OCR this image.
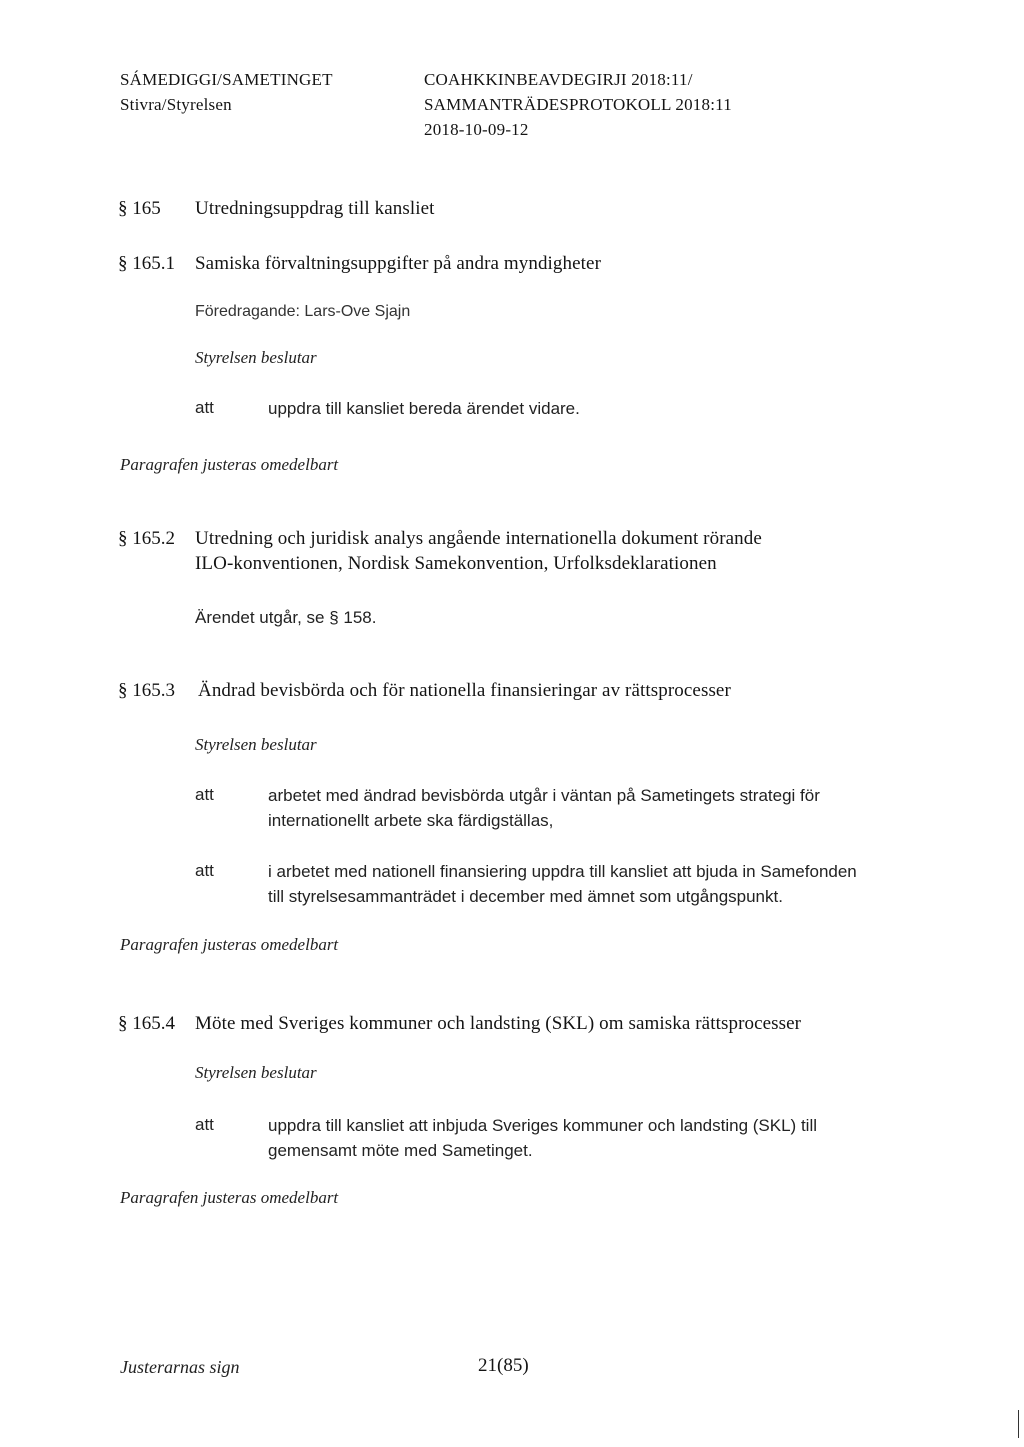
SÁMEDIGGI/SAMETINGET
Stivra/Styrelsen
COAHKKINBEAVDEGIRJI 2018:11/
SAMMANTRÄDESPROTOKOLL 2018:11
2018-10-09-12
§ 165 Utredningsuppdrag till kansliet
§ 165.1 Samiska förvaltningsuppgifter på andra myndigheter
Föredragande: Lars-Ove Sjajn
Styrelsen beslutar
att	uppdra till kansliet bereda ärendet vidare.
Paragrafen justeras omedelbart
§ 165.2 Utredning och juridisk analys angående internationella dokument rörande
ILO-konventionen, Nordisk Samekonvention, Urfolksdeklarationen
Ärendet utgår, se § 158.
§ 165.3 Ändrad bevisbörda och för nationella finansieringar av rättsprocesser
Styrelsen beslutar
att	arbetet med ändrad bevisbörda utgår i väntan på Sametingets strategi för
internationellt arbete ska färdigställas,
att	i arbetet med nationell finansiering uppdra till kansliet att bjuda in Samefonden
till styrelsesammanträdet i december med ämnet som utgångspunkt.
Paragrafen justeras omedelbart
§ 165.4 Möte med Sveriges kommuner och landsting (SKL) om samiska rättsprocesser
Styrelsen beslutar
att	uppdra till kansliet att inbjuda Sveriges kommuner och landsting (SKL) till
gemensamt möte med Sametinget.
Paragrafen justeras omedelbart
Justerarnas sign	21(85)
